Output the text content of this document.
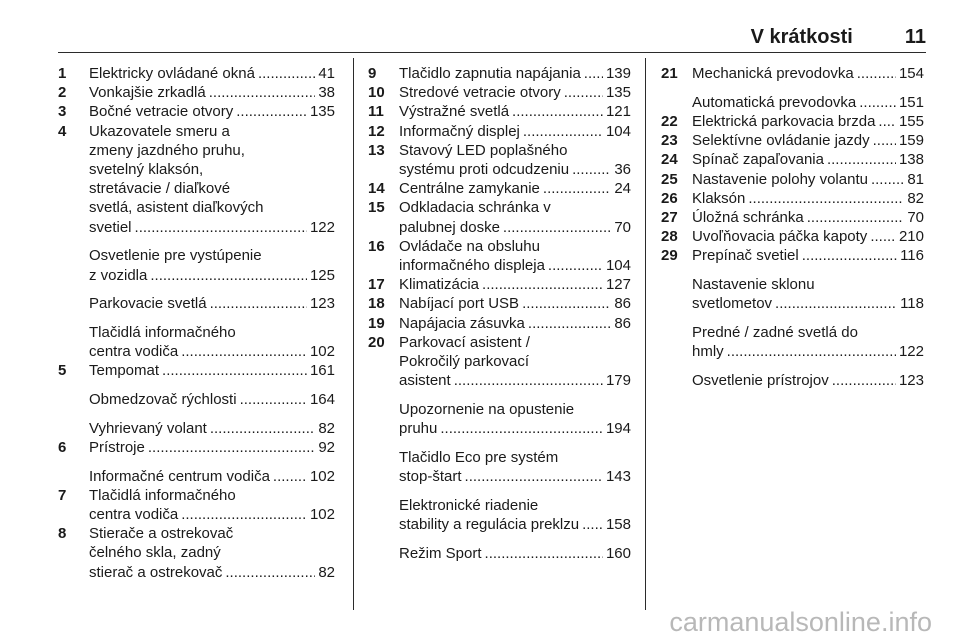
V krátkosti	11
1	Elektricky ovládané okná .....	41
2	Vonkajšie zrkadlá .....	38
3	Bočné vetracie otvory .....	135
4	Ukazovatele smeru a
zmeny jazdného pruhu,
svetelný klaksón,
stretávacie / diaľkové
svetlá, asistent diaľkových
svetiel .....	122
Osvetlenie pre vystúpenie
z vozidla .....	125
Parkovacie svetlá .....	123
Tlačidlá informačného
centra vodiča .....	102
5	Tempomat .....	161
Obmedzovač rýchlosti .....	164
Vyhrievaný volant .....	82
6	Prístroje .....	92
Informačné centrum vodiča .....	102
7	Tlačidlá informačného
centra vodiča .....	102
8	Stierače a ostrekovač
čelného skla, zadný
stierač a ostrekovač .....	82
9	Tlačidlo zapnutia napájania ..... 139
10 Stredové vetracie otvory .....	135
11	Výstražné svetlá .....	121
12 Informačný displej .....	104
13 Stavový LED poplašného
systému proti odcudzeniu .....	36
14 Centrálne zamykanie .....	24
15 Odkladacia schránka v
palubnej doske .....	70
16 Ovládače na obsluhu
informačného displeja .....	104
17 Klimatizácia .....	127
18 Nabíjací port USB .....	86
19 Napájacia zásuvka .....	86
20 Parkovací asistent /
Pokročilý parkovací
asistent .....	179
Upozornenie na opustenie
pruhu .....	194
Tlačidlo Eco pre systém
stop-štart .....	143
Elektronické riadenie
stability a regulácia preklzu ..... 158
Režim Sport .....	160
21 Mechanická prevodovka .....	154
Automatická prevodovka .....	151
22 Elektrická parkovacia brzda ..... 155
23 Selektívne ovládanie jazdy ..... 159
24 Spínač zapaľovania .....	138
25 Nastavenie polohy volantu .....	81
26 Klaksón .....	82
27 Úložná schránka .....	70
28 Uvoľňovacia páčka kapoty ..... 210
29 Prepínač svetiel .....	116
Nastavenie sklonu
svetlometov .....	118
Predné / zadné svetlá do
hmly .....	122
Osvetlenie prístrojov .....	123
carmanualsonline.info
